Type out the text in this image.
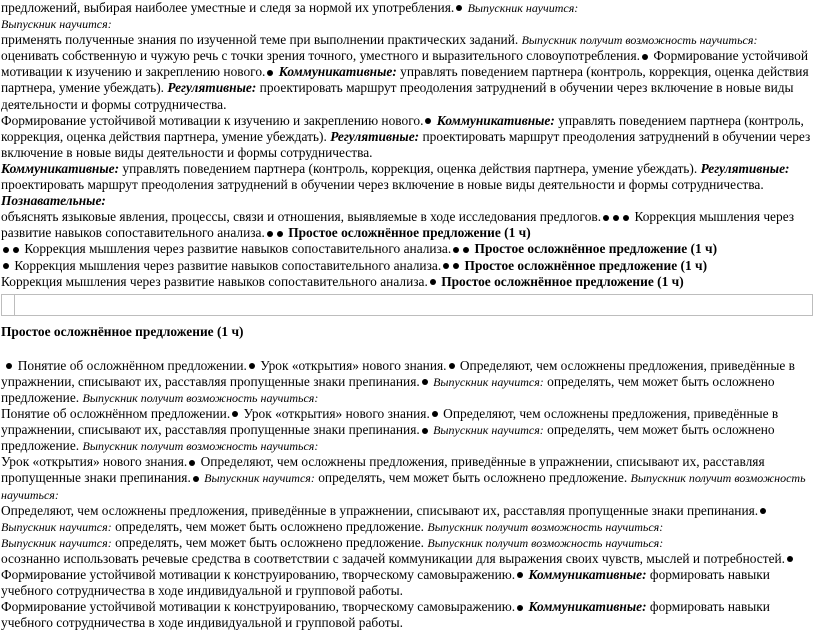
предложений, выбирая наиболее уместные и следя за нормой их употребления. Выпускник научится:

Выпускник научится:

применять полученные знания по изученной теме при выполнении практических заданий. Выпускник получит возможность научиться: оценивать собственную и чужую речь с точки зрения точного, уместного и выразительного словоупотребления. Формирование устойчивой мотивации к изучению и закреплению нового. Коммуникативные: управлять поведением партнера (контроль, коррекция, оценка действия партнера, умение убеждать). Регулятивные: проектировать маршрут преодоления затруднений в обучении через включение в новые виды деятельности и формы сотрудничества.

Формирование устойчивой мотивации к изучению и закреплению нового. Коммуникативные: управлять поведением партнера (контроль, коррекция, оценка действия партнера, умение убеждать). Регулятивные: проектировать маршрут преодоления затруднений в обучении через включение в новые виды деятельности и формы сотрудничества.

Коммуникативные: управлять поведением партнера (контроль, коррекция, оценка действия партнера, умение убеждать). Регулятивные: проектировать маршрут преодоления затруднений в обучении через включение в новые виды деятельности и формы сотрудничества.

Познавательные:

объяснять языковые явления, процессы, связи и отношения, выявляемые в ходе исследования предлогов. Коррекция мышления через развитие навыков сопоставительного анализа. Простое осложнённое предложение (1 ч)

Коррекция мышления через развитие навыков сопоставительного анализа. Простое осложнённое предложение (1 ч)

Коррекция мышления через развитие навыков сопоставительного анализа. Простое осложнённое предложение (1 ч)

Коррекция мышления через развитие навыков сопоставительного анализа. Простое осложнённое предложение (1 ч)

Простое осложнённое предложение (1 ч)

Понятие об осложнённом предложении. Урок «открытия» нового знания. Определяют, чем осложнены предложения, приведённые в упражнении, списывают их, расставляя пропущенные знаки препинания. Выпускник научится: определять, чем может быть осложнено предложение. Выпускник получит возможность научиться:

Понятие об осложнённом предложении. Урок «открытия» нового знания. Определяют, чем осложнены предложения, приведённые в упражнении, списывают их, расставляя пропущенные знаки препинания. Выпускник научится: определять, чем может быть осложнено предложение. Выпускник получит возможность научиться:

Урок «открытия» нового знания. Определяют, чем осложнены предложения, приведённые в упражнении, списывают их, расставляя пропущенные знаки препинания. Выпускник научится: определять, чем может быть осложнено предложение. Выпускник получит возможность научиться:

Определяют, чем осложнены предложения, приведённые в упражнении, списывают их, расставляя пропущенные знаки препинания. Выпускник научится: определять, чем может быть осложнено предложение. Выпускник получит возможность научиться:

Выпускник научится: определять, чем может быть осложнено предложение. Выпускник получит возможность научиться:

осознанно использовать речевые средства в соответствии с задачей коммуникации для выражения своих чувств, мыслей и потребностей. Формирование устойчивой мотивации к конструированию, творческому самовыражению. Коммуникативные: формировать навыки учебного сотрудничества в ходе индивидуальной и групповой работы.

Формирование устойчивой мотивации к конструированию, творческому самовыражению. Коммуникативные: формировать навыки учебного сотрудничества в ходе индивидуальной и групповой работы.
